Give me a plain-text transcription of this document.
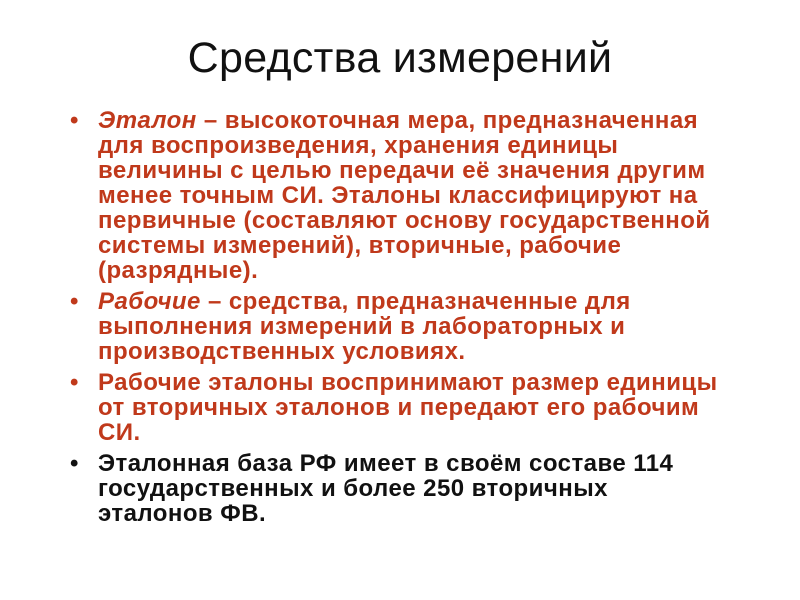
Средства измерений
• Эталон – высокоточная мера, предназначенная для воспроизведения, хранения единицы величины с целью передачи её значения другим менее точным СИ. Эталоны классифицируют на первичные (составляют основу государственной системы измерений), вторичные, рабочие (разрядные).
• Рабочие – средства, предназначенные для выполнения измерений в лабораторных и производственных условиях.
• Рабочие эталоны воспринимают размер единицы от вторичных эталонов и передают его рабочим СИ.
• Эталонная база РФ имеет в своём составе 114 государственных и более 250 вторичных эталонов ФВ.
